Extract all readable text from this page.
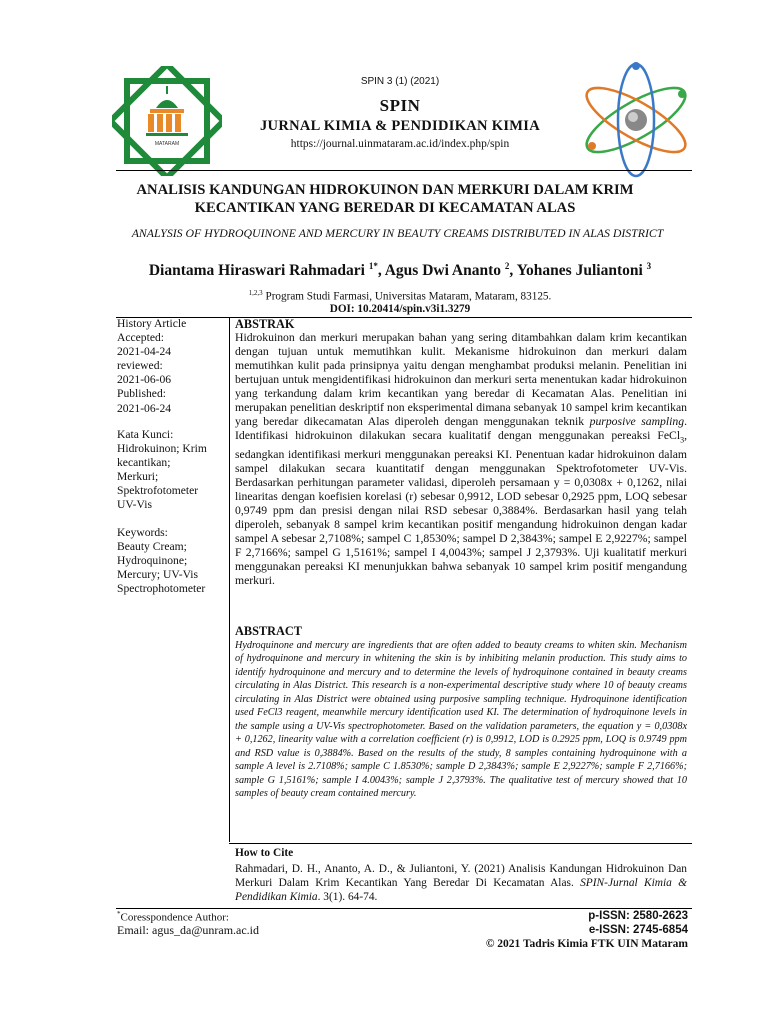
MATARAM
SPIN 3 (1) (2021)
SPIN
JURNAL KIMIA & PENDIDIKAN KIMIA
https://journal.uinmataram.ac.id/index.php/spin
ANALISIS KANDUNGAN HIDROKUINON DAN MERKURI DALAM KRIM KECANTIKAN YANG BEREDAR DI KECAMATAN ALAS
ANALYSIS OF HYDROQUINONE AND MERCURY IN BEAUTY CREAMS DISTRIBUTED IN ALAS DISTRICT
Diantama Hiraswari Rahmadari $^{1*}$, Agus Dwi Ananto $^2$, Yohanes Juliantoni $^3$
$^{1,2,3}$ Program Studi Farmasi, Universitas Mataram, Mataram, 83125.
DOI: 10.20414/spin.v3i1.3279
History Article
Accepted:
2021-04-24
reviewed:
2021-06-06
Published:
2021-06-24
Kata Kunci:
Hidrokuinon; Krim
kecantikan;
Merkuri;
Spektrofotometer
UV-Vis
Keywords:
Beauty Cream;
Hydroquinone;
Mercury; UV-Vis
Spectrophotometer
ABSTRAK
Hidrokuinon dan merkuri merupakan bahan yang sering ditambahkan dalam krim kecantikan dengan tujuan untuk memutihkan kulit. Mekanisme hidrokuinon dan merkuri dalam memutihkan kulit pada prinsipnya yaitu dengan menghambat produksi melanin. Penelitian ini bertujuan untuk mengidentifikasi hidrokuinon dan merkuri serta menentukan kadar hidrokuinon yang terkandung dalam krim kecantikan yang beredar di Kecamatan Alas. Penelitian ini merupakan penelitian deskriptif non eksperimental dimana sebanyak 10 sampel krim kecantikan yang beredar dikecamatan Alas diperoleh dengan menggunakan teknik purposive sampling. Identifikasi hidrokuinon dilakukan secara kualitatif dengan menggunakan pereaksi FeCl$_3$, sedangkan identifikasi merkuri menggunakan pereaksi KI. Penentuan kadar hidrokuinon dalam sampel dilakukan secara kuantitatif dengan menggunakan Spektrofotometer UV-Vis. Berdasarkan perhitungan parameter validasi, diperoleh persamaan y = 0,0308x + 0,1262, nilai linearitas dengan koefisien korelasi (r) sebesar 0,9912, LOD sebesar 0,2925 ppm, LOQ sebesar 0,9749 ppm dan presisi dengan nilai RSD sebesar 0,3884%. Berdasarkan hasil yang telah diperoleh, sebanyak 8 sampel krim kecantikan positif mengandung hidrokuinon dengan kadar sampel A sebesar 2,7108%; sampel C 1,8530%; sampel D 2,3843%; sampel E 2,9227%; sampel F 2,7166%; sampel G 1,5161%; sampel I 4,0043%; sampel J 2,3793%. Uji kualitatif merkuri menggunakan pereaksi KI menunjukkan bahwa sebanyak 10 sampel krim positif mengandung merkuri.
ABSTRACT
Hydroquinone and mercury are ingredients that are often added to beauty creams to whiten skin. Mechanism of hydroquinone and mercury in whitening the skin is by inhibiting melanin production. This study aims to identify hydroquinone and mercury and to determine the levels of hydroquinone contained in beauty creams circulating in Alas District. This research is a non-experimental descriptive study where 10 of beauty creams circulating in Alas District were obtained using purposive sampling technique. Hydroquinone identification used FeCl3 reagent, meanwhile mercury identification used KI. The determination of hydroquinone levels in the sample using a UV-Vis spectrophotometer. Based on the validation parameters, the equation y = 0,0308x + 0,1262, linearity value with a correlation coefficient (r) is 0,9912, LOD is 0.2925 ppm, LOQ is 0.9749 ppm and RSD value is 0,3884%. Based on the results of the study, 8 samples containing hydroquinone with a sample A level is 2.7108%; sample C 1.8530%; sample D 2,3843%; sample E 2,9227%; sample F 2,7166%; sample G 1,5161%; sample I 4.0043%; sample J 2,3793%. The qualitative test of mercury showed that 10 samples of beauty cream contained mercury.
How to Cite
Rahmadari, D. H., Ananto, A. D., & Juliantoni, Y. (2021) Analisis Kandungan Hidrokuinon Dan Merkuri Dalam Krim Kecantikan Yang Beredar Di Kecamatan Alas. SPIN-Jurnal Kimia & Pendidikan Kimia. 3(1). 64-74.
*Coresspondence Author:
Email: agus_da@unram.ac.id
p-ISSN: 2580-2623
e-ISSN: 2745-6854
© 2021 Tadris Kimia FTK UIN Mataram
